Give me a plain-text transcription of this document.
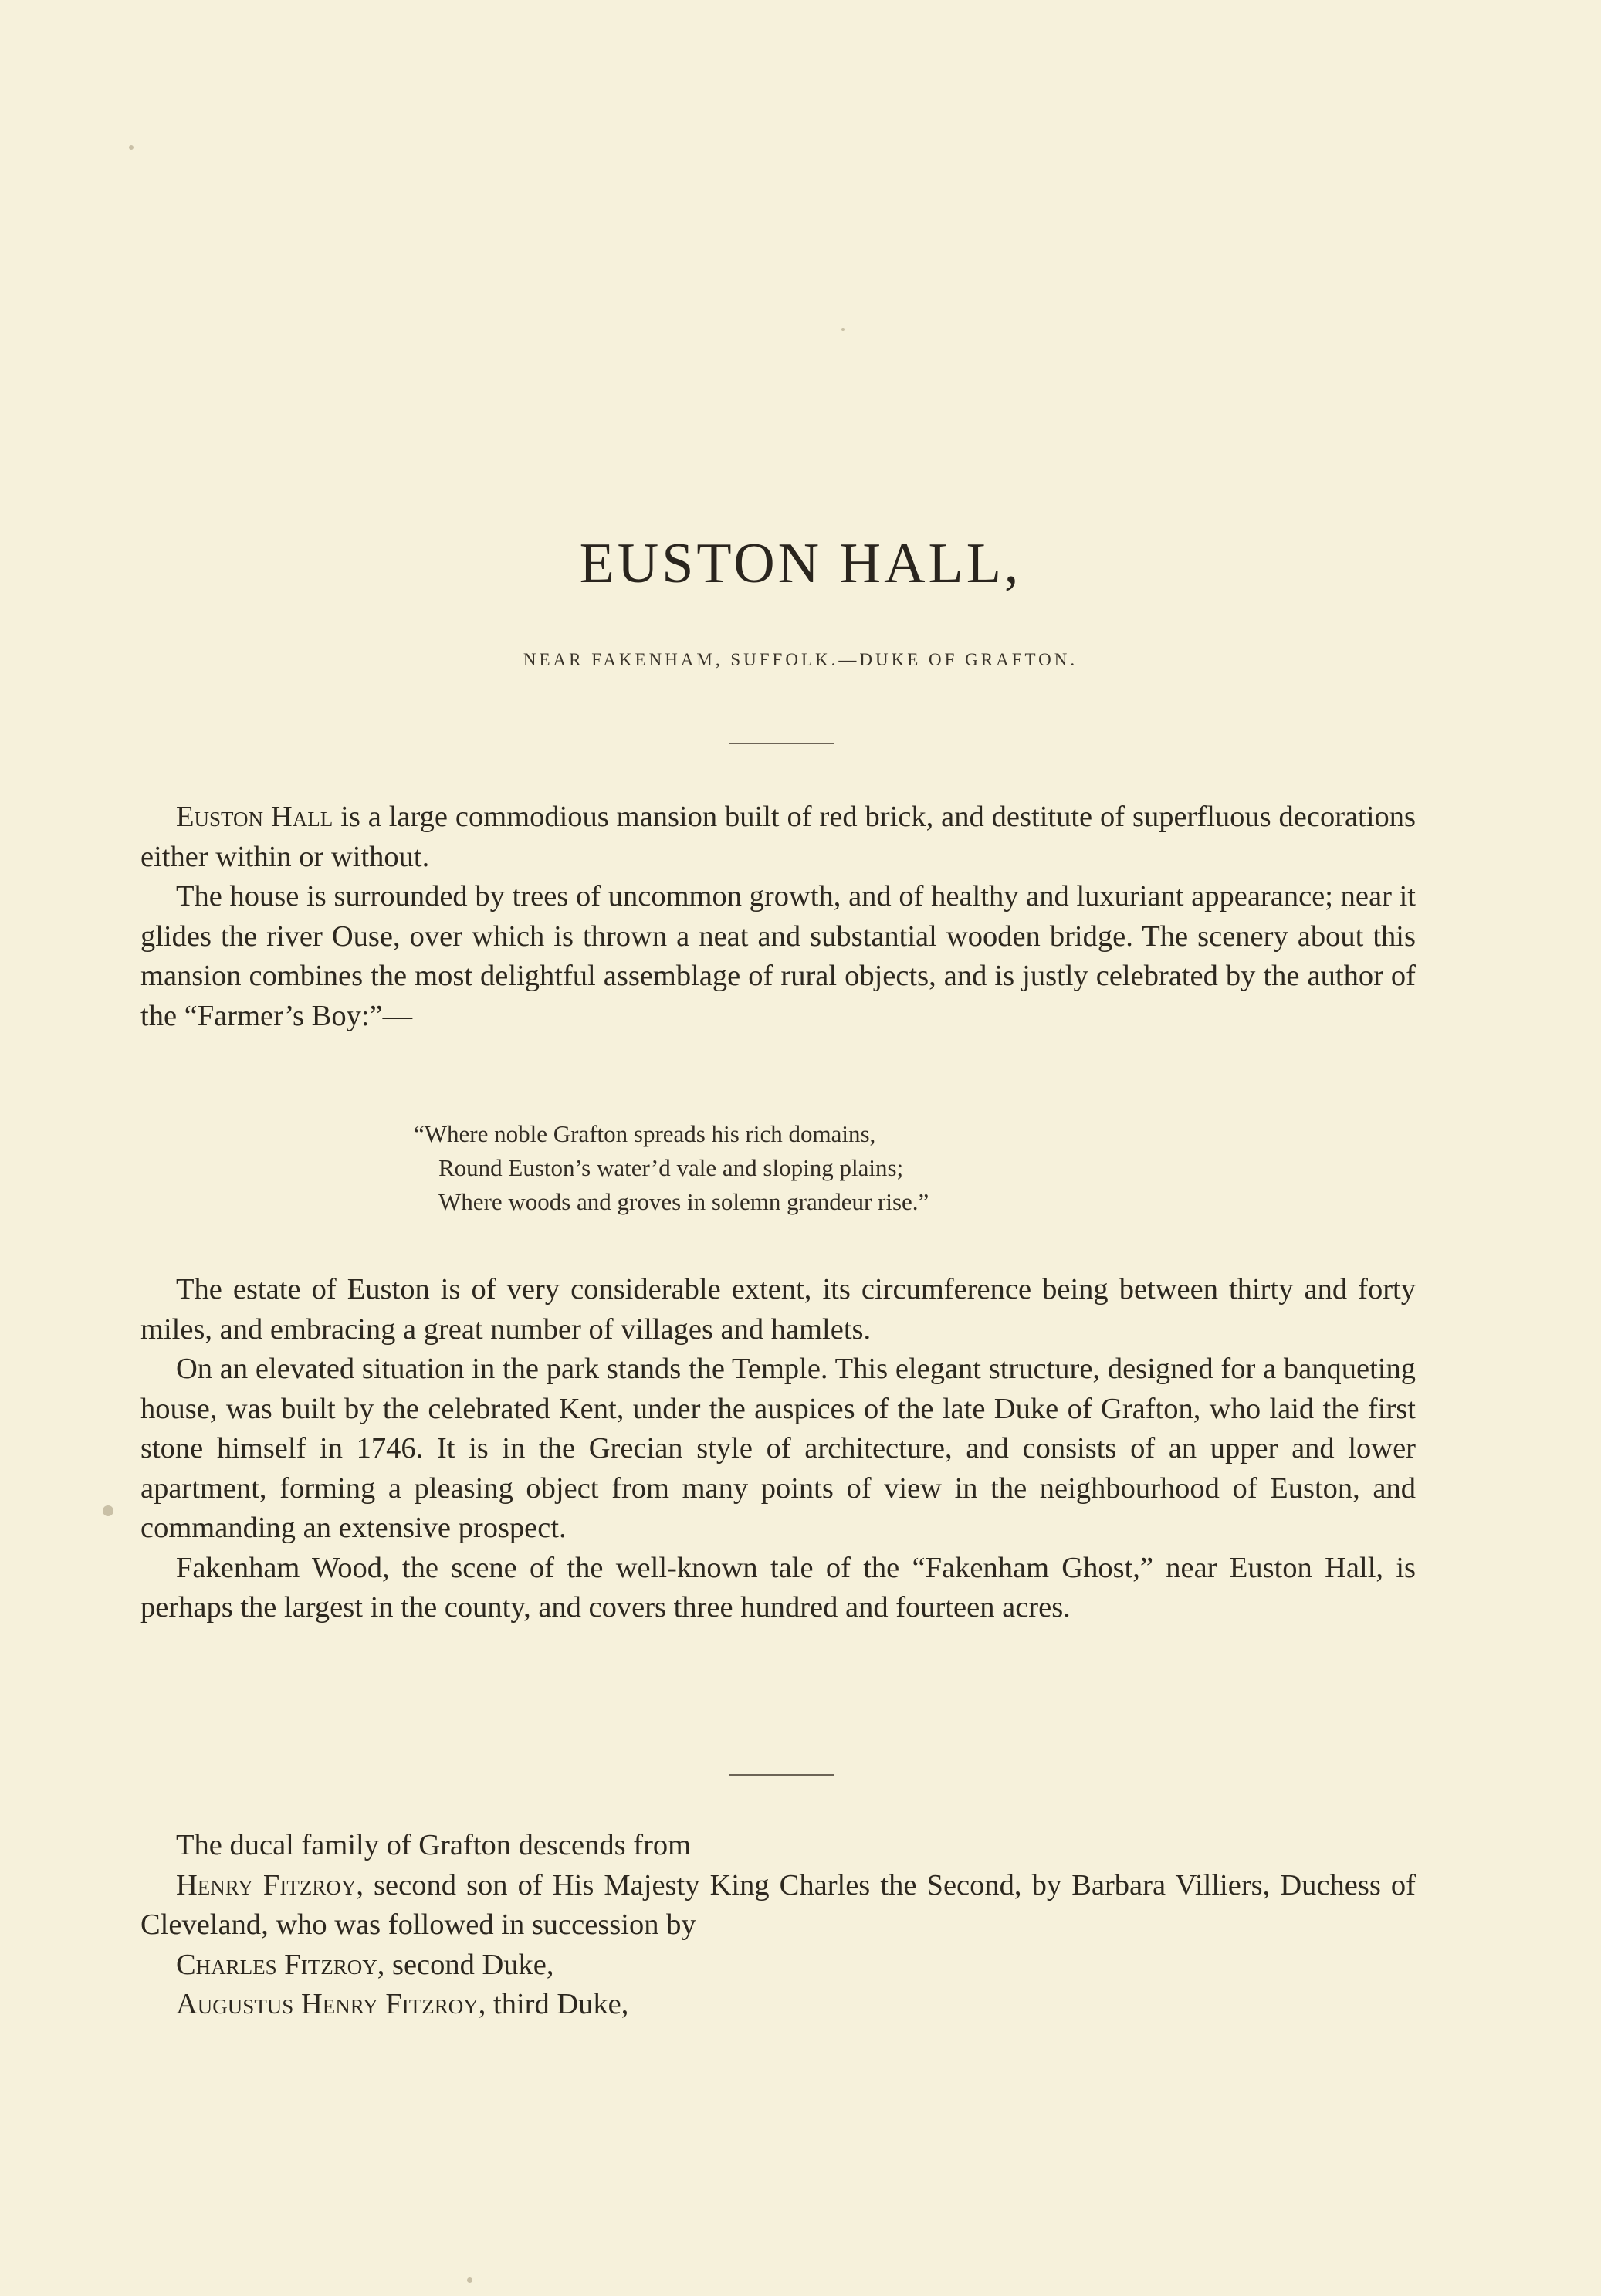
EUSTON HALL,
NEAR FAKENHAM, SUFFOLK.—DUKE OF GRAFTON.

Euston Hall is a large commodious mansion built of red brick, and destitute of superfluous decorations either within or without.

The house is surrounded by trees of uncommon growth, and of healthy and luxuriant appearance; near it glides the river Ouse, over which is thrown a neat and substantial wooden bridge. The scenery about this mansion combines the most delightful assemblage of rural objects, and is justly celebrated by the author of the “Farmer’s Boy:”—

“Where noble Grafton spreads his rich domains,
Round Euston’s water’d vale and sloping plains;
Where woods and groves in solemn grandeur rise.”

The estate of Euston is of very considerable extent, its circumference being between thirty and forty miles, and embracing a great number of villages and hamlets.

On an elevated situation in the park stands the Temple. This elegant structure, designed for a banqueting house, was built by the celebrated Kent, under the auspices of the late Duke of Grafton, who laid the first stone himself in 1746. It is in the Grecian style of architecture, and consists of an upper and lower apartment, forming a pleasing object from many points of view in the neighbourhood of Euston, and commanding an extensive prospect.

Fakenham Wood, the scene of the well-known tale of the “Fakenham Ghost,” near Euston Hall, is perhaps the largest in the county, and covers three hundred and fourteen acres.

The ducal family of Grafton descends from

Henry Fitzroy, second son of His Majesty King Charles the Second, by Barbara Villiers, Duchess of Cleveland, who was followed in succession by

Charles Fitzroy, second Duke,

Augustus Henry Fitzroy, third Duke,
